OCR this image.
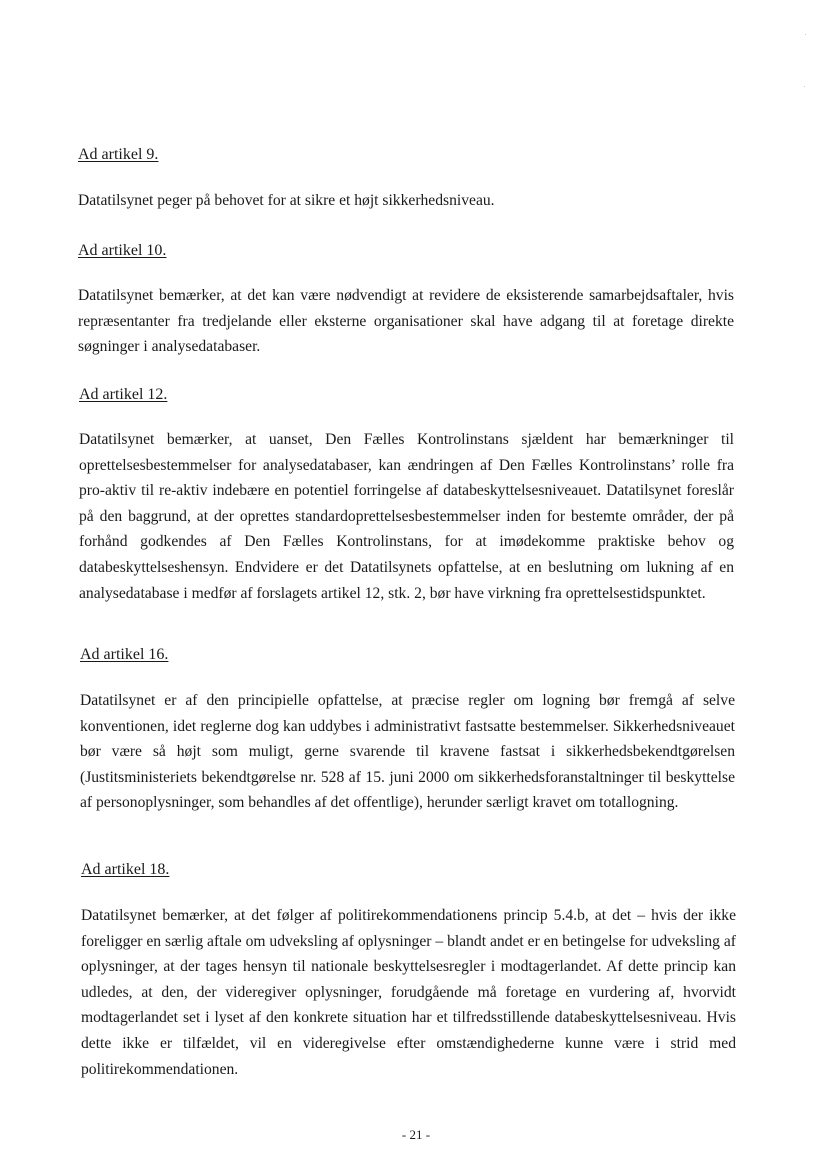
Ad artikel 9.

Datatilsynet peger på behovet for at sikre et højt sikkerhedsniveau.

Ad artikel 10.

Datatilsynet bemærker, at det kan være nødvendigt at revidere de eksisterende samarbejdsaftaler, hvis repræsentanter fra tredjelande eller eksterne organisationer skal have adgang til at foretage direkte søgninger i analysedatabaser.

Ad artikel 12.

Datatilsynet bemærker, at uanset, Den Fælles Kontrolinstans sjældent har bemærkninger til oprettelsesbestemmelser for analysedatabaser, kan ændringen af Den Fælles Kontrolinstans’ rolle fra pro-aktiv til re-aktiv indebære en potentiel forringelse af databeskyttelsesniveauet. Datatilsynet foreslår på den baggrund, at der oprettes standardoprettelsesbestemmelser inden for bestemte områder, der på forhånd godkendes af Den Fælles Kontrolinstans, for at imødekomme praktiske behov og databeskyttelseshensyn. Endvidere er det Datatilsynets opfattelse, at en beslutning om lukning af en analysedatabase i medfør af forslagets artikel 12, stk. 2, bør have virkning fra oprettelsestidspunktet.

Ad artikel 16.

Datatilsynet er af den principielle opfattelse, at præcise regler om logning bør fremgå af selve konventionen, idet reglerne dog kan uddybes i administrativt fastsatte bestemmelser. Sikkerhedsniveauet bør være så højt som muligt, gerne svarende til kravene fastsat i sikkerhedsbekendtgørelsen (Justitsministeriets bekendtgørelse nr. 528 af 15. juni 2000 om sikkerhedsforanstaltninger til beskyttelse af personoplysninger, som behandles af det offentlige), herunder særligt kravet om totallogning.

Ad artikel 18.

Datatilsynet bemærker, at det følger af politirekommendationens princip 5.4.b, at det – hvis der ikke foreligger en særlig aftale om udveksling af oplysninger – blandt andet er en betingelse for udveksling af oplysninger, at der tages hensyn til nationale beskyttelsesregler i modtagerlandet. Af dette princip kan udledes, at den, der videregiver oplysninger, forudgående må foretage en vurdering af, hvorvidt modtagerlandet set i lyset af den konkrete situation har et tilfredsstillende databeskyttelsesniveau. Hvis dette ikke er tilfældet, vil en videregivelse efter omstændighederne kunne være i strid med politirekommendationen.

- 21 -
